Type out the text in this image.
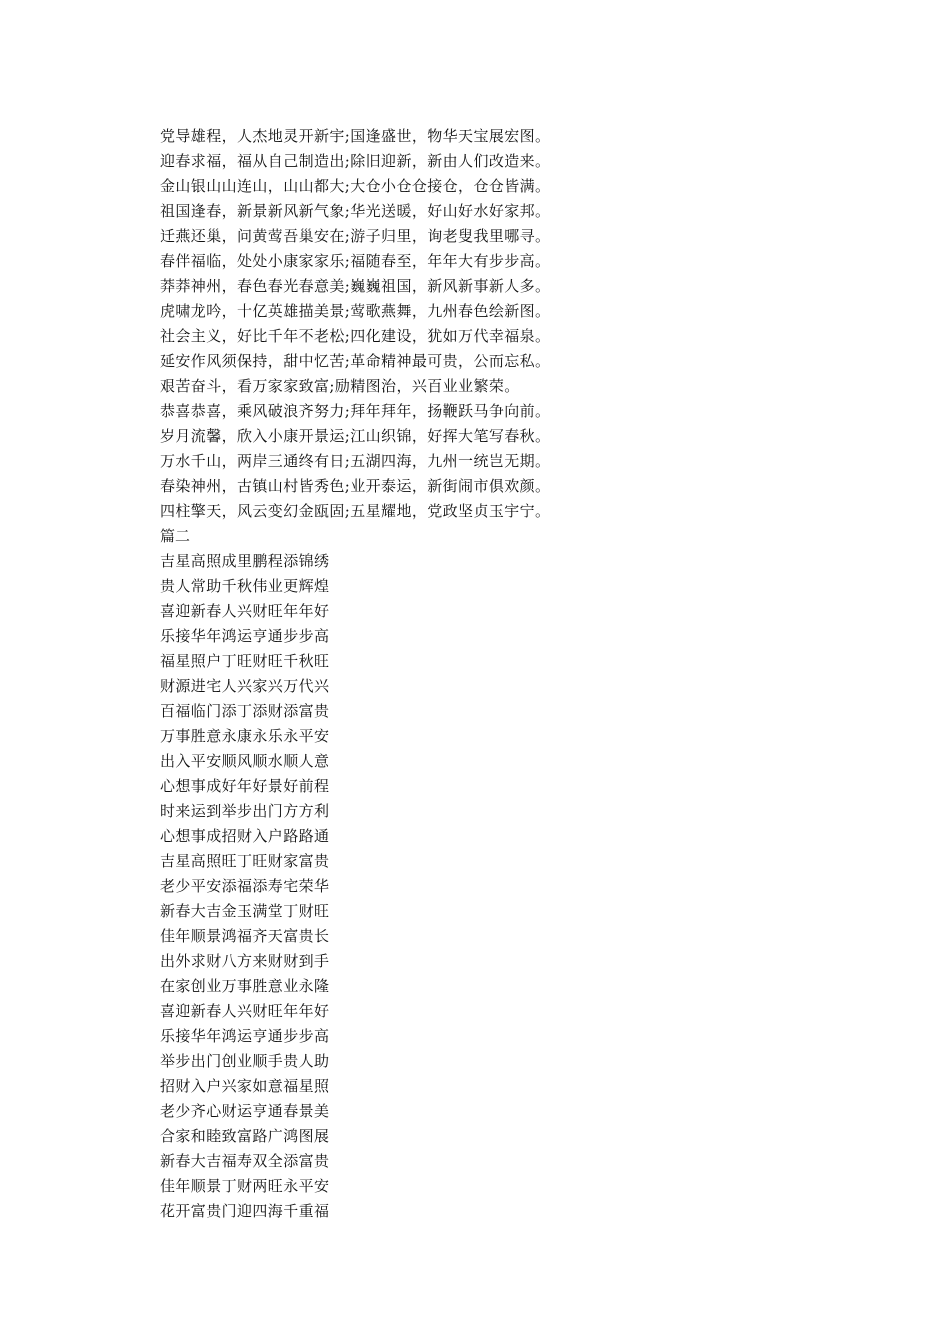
党导雄程，人杰地灵开新宇;国逢盛世，物华天宝展宏图。
迎春求福，福从自己制造出;除旧迎新，新由人们改造来。
金山银山山连山，山山都大;大仓小仓仓接仓，仓仓皆满。
祖国逢春，新景新风新气象;华光送暖，好山好水好家邦。
迁燕还巢，问黄莺吾巢安在;游子归里，询老叟我里哪寻。
春伴福临，处处小康家家乐;福随春至，年年大有步步高。
莽莽神州，春色春光春意美;巍巍祖国，新风新事新人多。
虎啸龙吟，十亿英雄描美景;莺歌燕舞，九州春色绘新图。
社会主义，好比千年不老松;四化建设，犹如万代幸福泉。
延安作风须保持，甜中忆苦;革命精神最可贵，公而忘私。
艰苦奋斗，看万家家致富;励精图治，兴百业业繁荣。
恭喜恭喜，乘风破浪齐努力;拜年拜年，扬鞭跃马争向前。
岁月流馨，欣入小康开景运;江山织锦，好挥大笔写春秋。
万水千山，两岸三通终有日;五湖四海，九州一统岂无期。
春染神州，古镇山村皆秀色;业开泰运，新街闹市俱欢颜。
四柱擎天，风云变幻金瓯固;五星耀地，党政坚贞玉宇宁。
篇二
吉星高照成里鹏程添锦绣
贵人常助千秋伟业更辉煌
喜迎新春人兴财旺年年好
乐接华年鸿运亨通步步高
福星照户丁旺财旺千秋旺
财源进宅人兴家兴万代兴
百福临门添丁添财添富贵
万事胜意永康永乐永平安
出入平安顺风顺水顺人意
心想事成好年好景好前程
时来运到举步出门方方利
心想事成招财入户路路通
吉星高照旺丁旺财家富贵
老少平安添福添寿宅荣华
新春大吉金玉满堂丁财旺
佳年顺景鸿福齐天富贵长
出外求财八方来财财到手
在家创业万事胜意业永隆
喜迎新春人兴财旺年年好
乐接华年鸿运亨通步步高
举步出门创业顺手贵人助
招财入户兴家如意福星照
老少齐心财运亨通春景美
合家和睦致富路广鸿图展
新春大吉福寿双全添富贵
佳年顺景丁财两旺永平安
花开富贵门迎四海千重福
